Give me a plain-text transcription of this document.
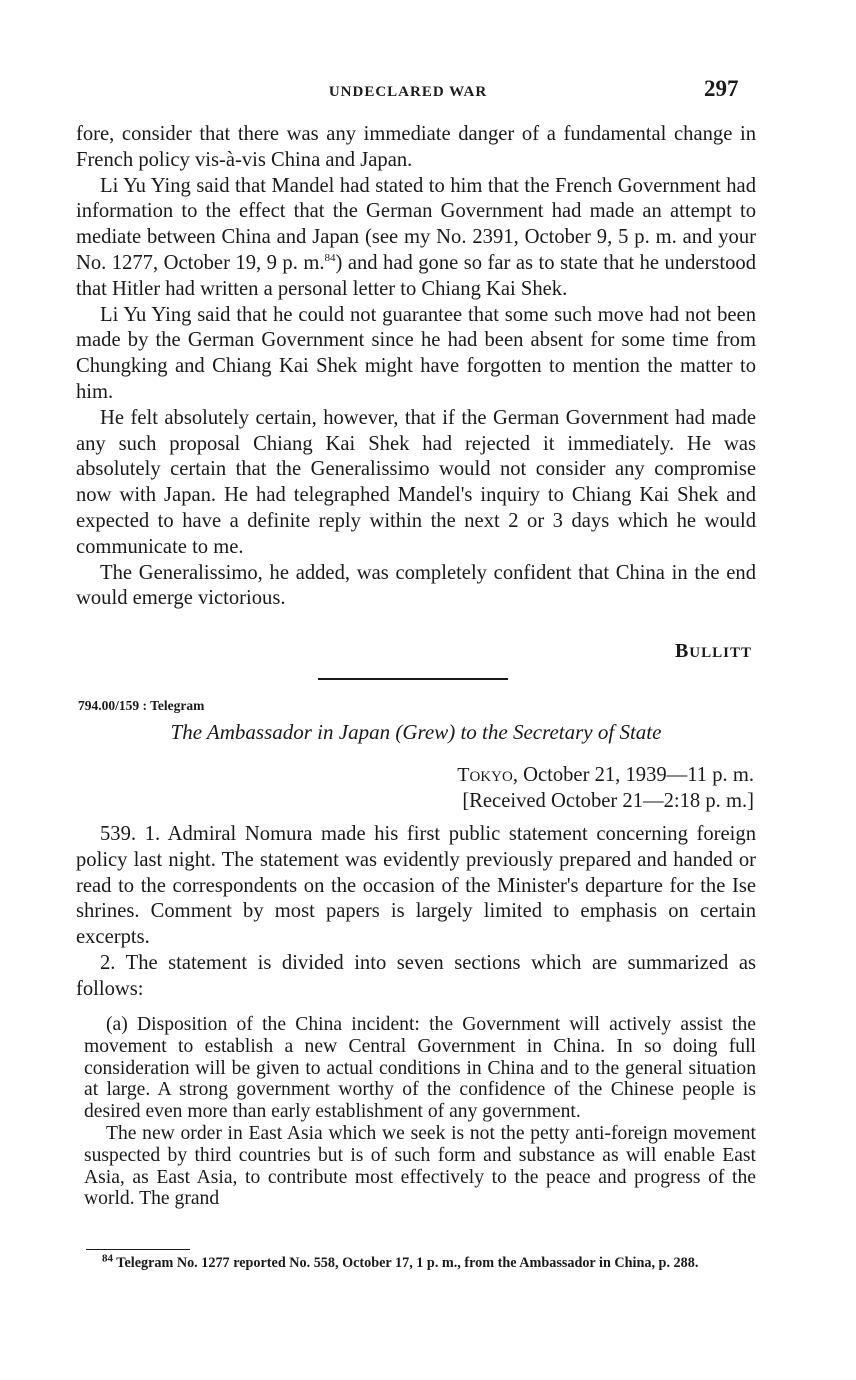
UNDECLARED WAR	297

fore, consider that there was any immediate danger of a fundamental change in French policy vis-à-vis China and Japan.

Li Yu Ying said that Mandel had stated to him that the French Government had information to the effect that the German Government had made an attempt to mediate between China and Japan (see my No. 2391, October 9, 5 p. m. and your No. 1277, October 19, 9 p. m.$^{84}$) and had gone so far as to state that he understood that Hitler had written a personal letter to Chiang Kai Shek.

Li Yu Ying said that he could not guarantee that some such move had not been made by the German Government since he had been absent for some time from Chungking and Chiang Kai Shek might have forgotten to mention the matter to him.

He felt absolutely certain, however, that if the German Government had made any such proposal Chiang Kai Shek had rejected it immediately. He was absolutely certain that the Generalissimo would not consider any compromise now with Japan. He had telegraphed Mandel's inquiry to Chiang Kai Shek and expected to have a definite reply within the next 2 or 3 days which he would communicate to me.

The Generalissimo, he added, was completely confident that China in the end would emerge victorious.

BULLITT
794.00/159 : Telegram
The Ambassador in Japan (Grew) to the Secretary of State
TOKYO, October 21, 1939—11 p. m.
[Received October 21—2:18 p. m.]

539. 1. Admiral Nomura made his first public statement concerning foreign policy last night. The statement was evidently previously prepared and handed or read to the correspondents on the occasion of the Minister's departure for the Ise shrines. Comment by most papers is largely limited to emphasis on certain excerpts.

2. The statement is divided into seven sections which are summarized as follows:

(a) Disposition of the China incident: the Government will actively assist the movement to establish a new Central Government in China. In so doing full consideration will be given to actual conditions in China and to the general situation at large. A strong government worthy of the confidence of the Chinese people is desired even more than early establishment of any government.

The new order in East Asia which we seek is not the petty anti-foreign movement suspected by third countries but is of such form and substance as will enable East Asia, as East Asia, to contribute most effectively to the peace and progress of the world. The grand

$^{84}$ Telegram No. 1277 reported No. 558, October 17, 1 p. m., from the Ambassador in China, p. 288.
